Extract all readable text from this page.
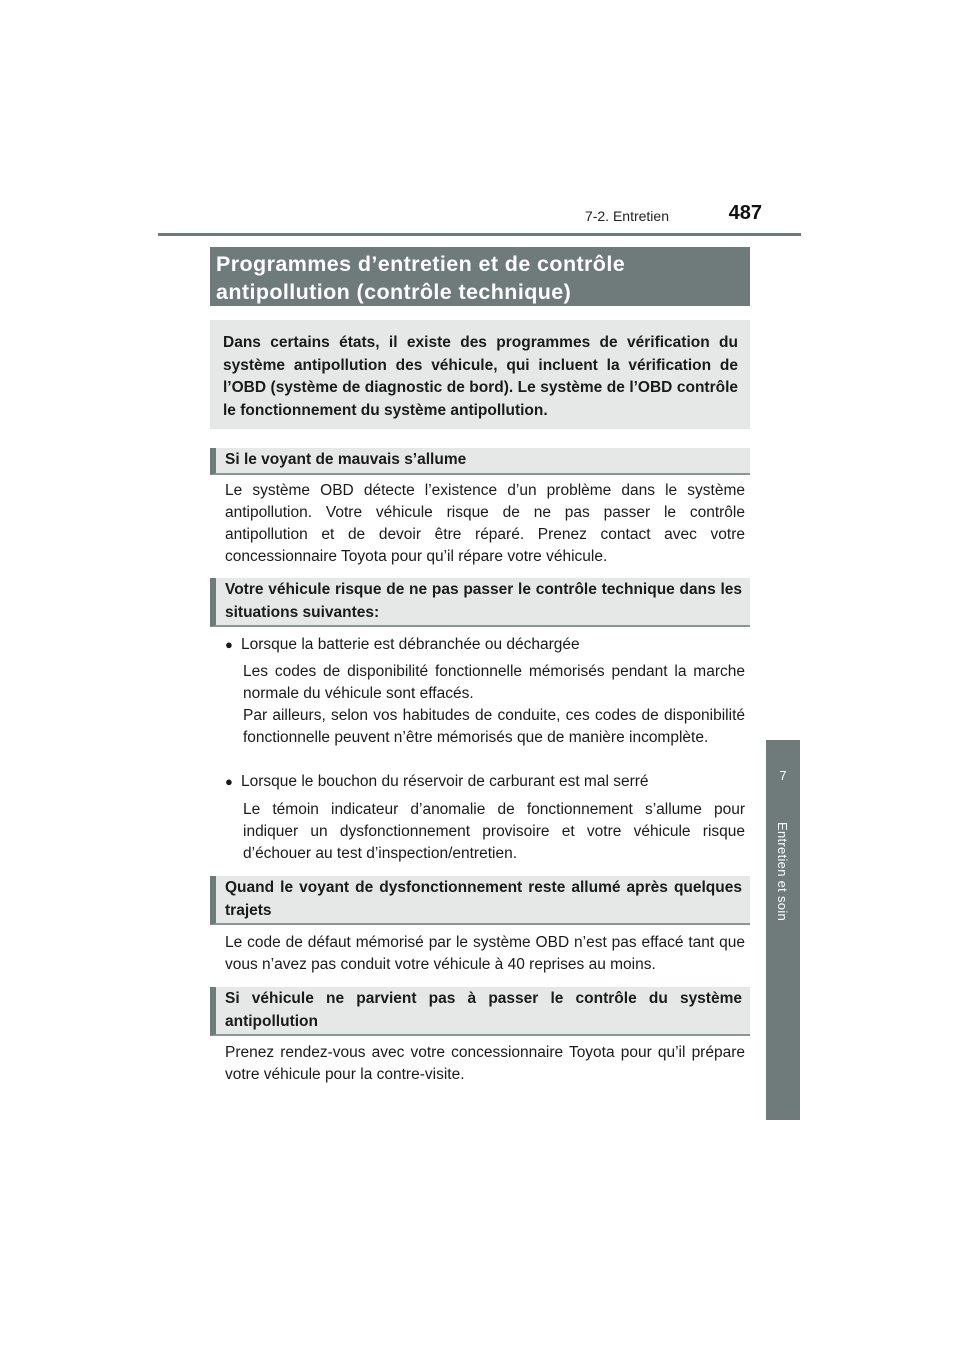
7-2. Entretien	487
7
Entretien et soin
Programmes d’entretien et de contrôle antipollution (contrôle technique)
Dans certains états, il existe des programmes de vérification du système antipollution des véhicule, qui incluent la vérification de l’OBD (système de diagnostic de bord). Le système de l’OBD contrôle le fonctionnement du système antipollution.
Si le voyant de mauvais s’allume

Le système OBD détecte l’existence d’un problème dans le système antipollution. Votre véhicule risque de ne pas passer le contrôle antipollution et de devoir être réparé. Prenez contact avec votre concessionnaire Toyota pour qu’il répare votre véhicule.

Votre véhicule risque de ne pas passer le contrôle technique dans les situations suivantes:
● Lorsque la batterie est débranchée ou déchargée

Les codes de disponibilité fonctionnelle mémorisés pendant la marche normale du véhicule sont effacés.

Par ailleurs, selon vos habitudes de conduite, ces codes de disponibilité fonctionnelle peuvent n’être mémorisés que de manière incomplète.

● Lorsque le bouchon du réservoir de carburant est mal serré

Le témoin indicateur d’anomalie de fonctionnement s’allume pour indiquer un dysfonctionnement provisoire et votre véhicule risque d’échouer au test d’inspection/entretien.

Quand le voyant de dysfonctionnement reste allumé après quelques trajets

Le code de défaut mémorisé par le système OBD n’est pas effacé tant que vous n’avez pas conduit votre véhicule à 40 reprises au moins.

Si véhicule ne parvient pas à passer le contrôle du système antipollution

Prenez rendez-vous avec votre concessionnaire Toyota pour qu’il prépare votre véhicule pour la contre-visite.
